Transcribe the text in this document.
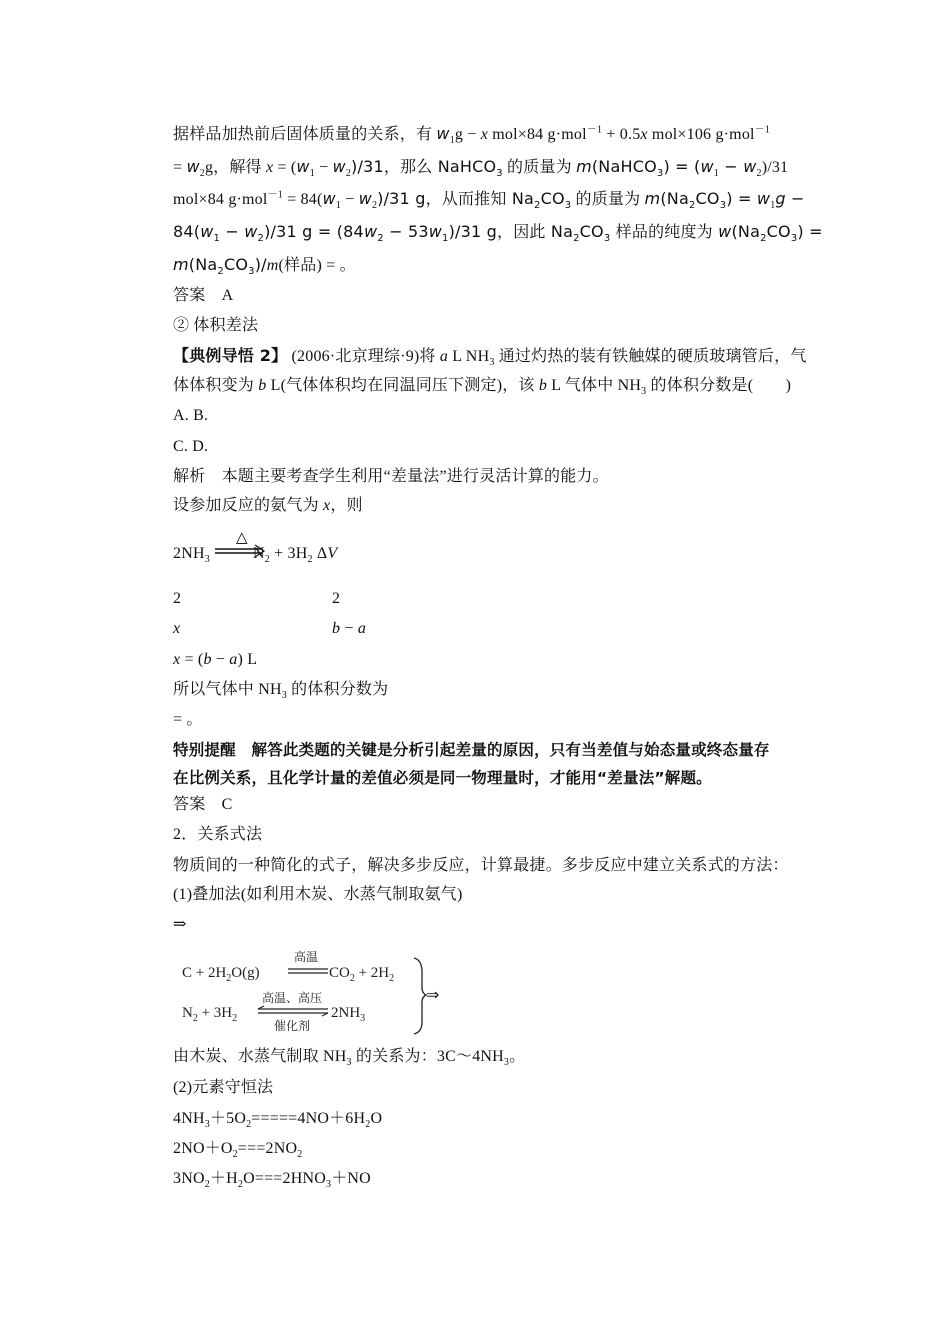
据样品加热前后固体质量的关系，有 $w_1g - x$ mol×84 g·mol$^{-1}$ + 0.5x mol×106 g·mol$^{-1}$
= $w_2g$，解得 $x = (w_1 - w_2)/31$，那么 NaHCO$_3$ 的质量为 m(NaHCO$_3$) = $(w_1 - w_2)/31$
mol×84 $g\cdot mol^{-1} = 84(w_1 - w_2)/31$ g，从而推知 $Na_2CO_3$ 的质量为 $m(Na_2CO_3) = w_1g$ −
$84(w_1 - w_2)/31$ $g = (84w_2 - 53w_1)/31$ g，因此 $Na_2CO_3$ 样品的纯度为 $w(Na_2CO_3)$ =
$m(Na_2CO_3)/m$(样品) = 。
答案　A
② 体积差法
【典例导悟 2】 (2006·北京理综·9)将 a L $NH_3$ 通过灼热的装有铁触媒的硬质玻璃管后，气
体体积变为 b L(气体体积均在同温同压下测定)，该 b L 气体中 $NH_3$ 的体积分数是(　　)
A. B.
C. D.
解析　本题主要考查学生利用“差量法”进行灵活计算的能力。
设参加反应的氨气为 x，则
$2NH_3$	$N_2 + 3H_2$ ΔV
△
2	2
x	b − a
x = (b − a) L
所以气体中 $NH_3$ 的体积分数为
= 。
特别提醒　解答此类题的关键是分析引起差量的原因，只有当差值与始态量或终态量存
在比例关系，且化学计量的差值必须是同一物理量时，才能用“差量法”解题。
答案　C
2．关系式法
物质间的一种简化的式子，解决多步反应，计算最捷。多步反应中建立关系式的方法：
(1)叠加法(如利用木炭、水蒸气制取氨气)
⇒
$C + 2H_2O(g)$
高温
$CO_2 + 2H_2$
$N_2 + 3H_2$
高温、高压
催化剂
$2NH_3$
⇒
由木炭、水蒸气制取 $NH_3$ 的关系为：$3C\sim 4NH_3$。
(2)元素守恒法
$4NH_3+5O_2=====4NO+6H_2O$
$2NO+O_2===2NO_2$
$3NO_2+H_2O===2HNO_3+NO$
